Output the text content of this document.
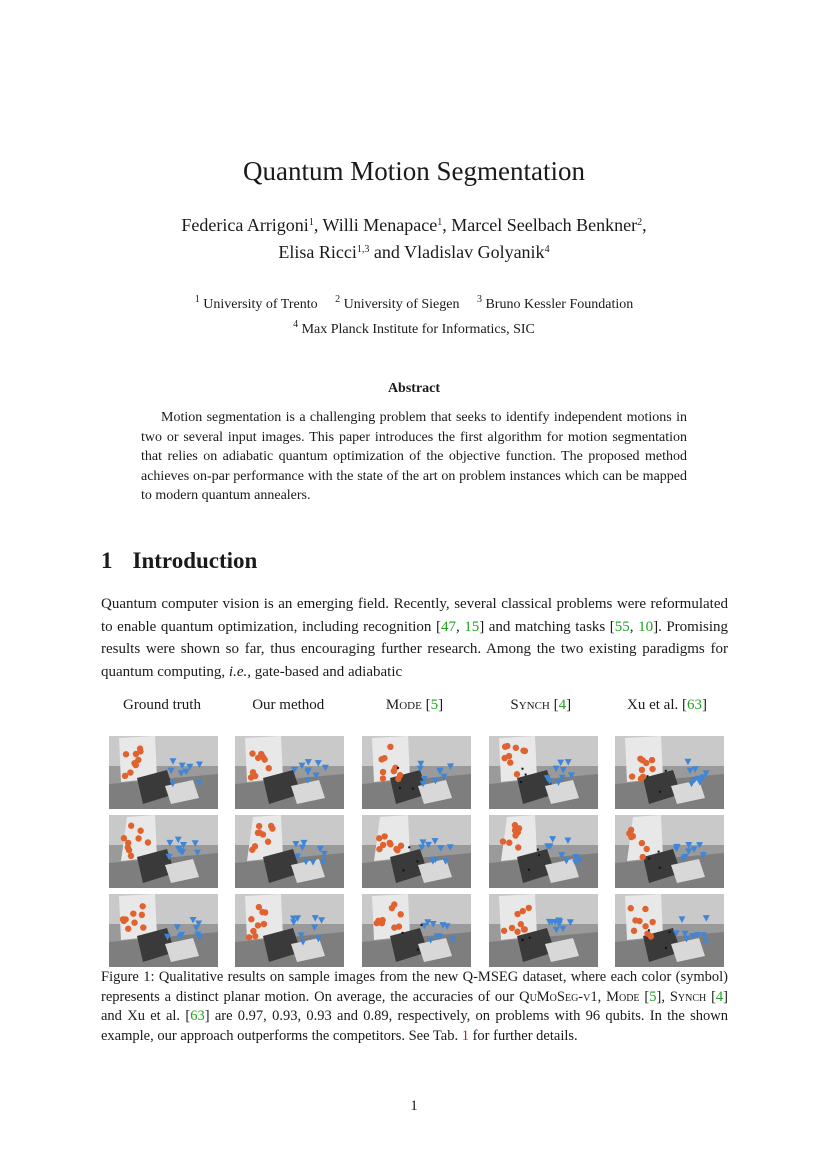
Quantum Motion Segmentation
Federica Arrigoni$^1$, Willi Menapace$^1$, Marcel Seelbach Benkner$^2$,
Elisa Ricci$^{1,3}$ and Vladislav Golyanik$^4$
$^1$ University of Trento $^2$ University of Siegen $^3$ Bruno Kessler Foundation
$^4$ Max Planck Institute for Informatics, SIC
Abstract
Motion segmentation is a challenging problem that seeks to identify independent motions in two or several input images. This paper introduces the first algorithm for motion segmentation that relies on adiabatic quantum optimization of the objective function. The proposed method achieves on-par performance with the state of the art on problem instances which can be mapped to modern quantum annealers.
1 Introduction
Quantum computer vision is an emerging field. Recently, several classical problems were reformulated to enable quantum optimization, including recognition [47, 15] and matching tasks [55, 10]. Promising results were shown so far, thus encouraging further research. Among the two existing paradigms for quantum computing, i.e., gate-based and adiabatic
Ground truth	Our method	Mode [5]	Synch [4]	Xu et al. [63]
Figure 1: Qualitative results on sample images from the new Q-MSEG dataset, where each color (symbol) represents a distinct planar motion. On average, the accuracies of our QuMoSeg-v1, Mode [5], Synch [4] and Xu et al. [63] are 0.97, 0.93, 0.93 and 0.89, respectively, on problems with 96 qubits. In the shown example, our approach outperforms the competitors. See Tab. 1 for further details.
1
